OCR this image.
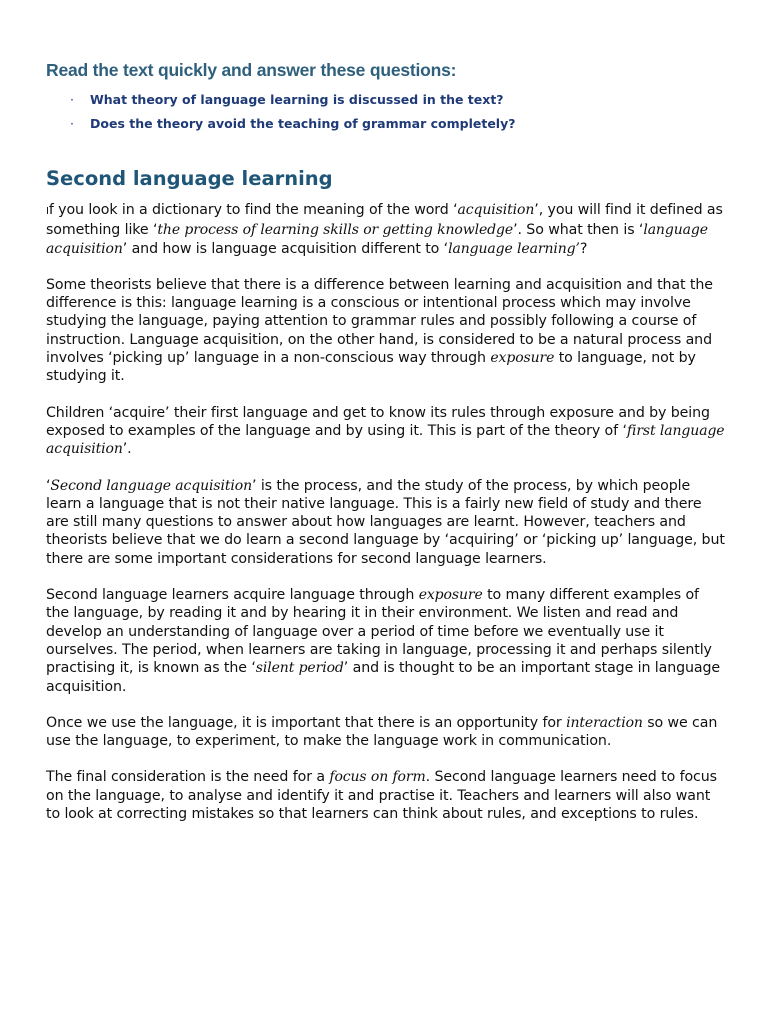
Read the text quickly and answer these questions:
· What theory of language learning is discussed in the text?
· Does the theory avoid the teaching of grammar completely?
Second language learning

If you look in a dictionary to find the meaning of the word ‘acquisition’, you will find it defined as something like ‘the process of learning skills or getting knowledge’. So what then is ‘language acquisition’ and how is language acquisition different to ‘language learning’?

Some theorists believe that there is a difference between learning and acquisition and that the difference is this: language learning is a conscious or intentional process which may involve studying the language, paying attention to grammar rules and possibly following a course of instruction. Language acquisition, on the other hand, is considered to be a natural process and involves ‘picking up’ language in a non-conscious way through exposure to language, not by studying it.

Children ‘acquire’ their first language and get to know its rules through exposure and by being exposed to examples of the language and by using it. This is part of the theory of ‘first language acquisition’.

‘Second language acquisition’ is the process, and the study of the process, by which people learn a language that is not their native language. This is a fairly new field of study and there are still many questions to answer about how languages are learnt. However, teachers and theorists believe that we do learn a second language by ‘acquiring’ or ‘picking up’ language, but there are some important considerations for second language learners.

Second language learners acquire language through exposure to many different examples of the language, by reading it and by hearing it in their environment. We listen and read and develop an understanding of language over a period of time before we eventually use it ourselves. The period, when learners are taking in language, processing it and perhaps silently practising it, is known as the ‘silent period’ and is thought to be an important stage in language acquisition.

Once we use the language, it is important that there is an opportunity for interaction so we can use the language, to experiment, to make the language work in communication.

The final consideration is the need for a focus on form. Second language learners need to focus on the language, to analyse and identify it and practise it. Teachers and learners will also want to look at correcting mistakes so that learners can think about rules, and exceptions to rules.
